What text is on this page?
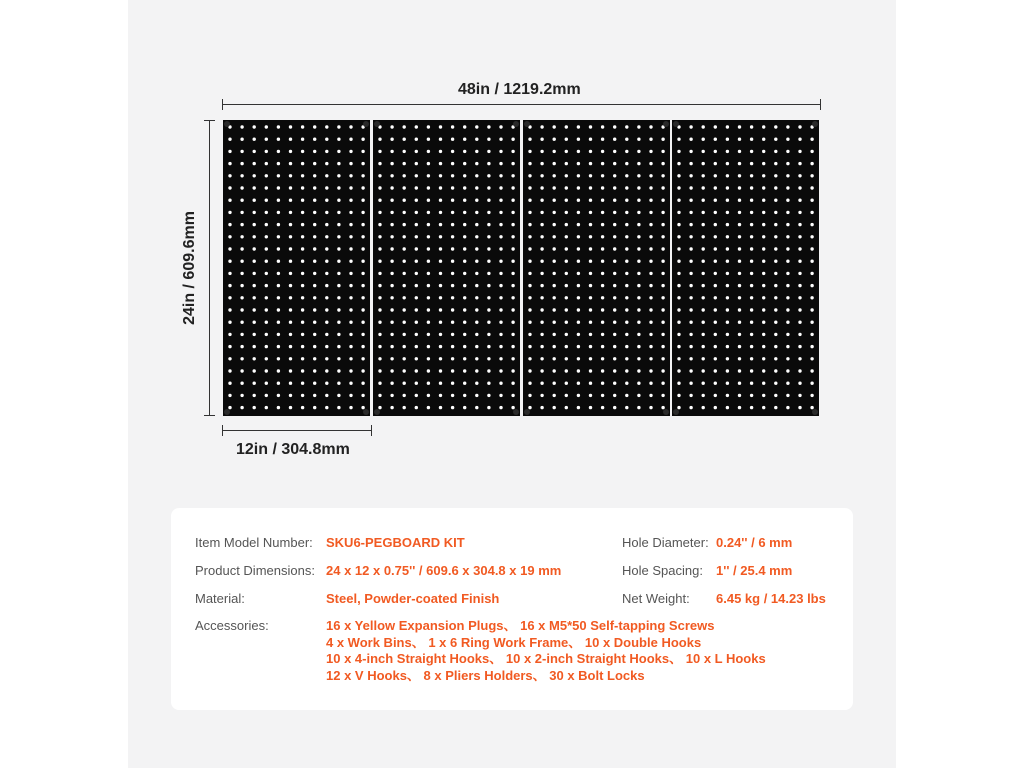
48in / 1219.2mm
24in / 609.6mm
12in / 304.8mm
Item Model Number: SKU6-PEGBOARD KIT
Product Dimensions: 24 x 12 x 0.75'' / 609.6 x 304.8 x 19 mm
Material:	Steel, Powder-coated Finish
Accessories:	16 x Yellow Expansion Plugs、 16 x M5*50 Self-tapping Screws
4 x Work Bins、 1 x 6 Ring Work Frame、 10 x Double Hooks
10 x 4-inch Straight Hooks、 10 x 2-inch Straight Hooks、 10 x L Hooks
12 x V Hooks、 8 x Pliers Holders、 30 x Bolt Locks
Hole Diameter: 0.24'' / 6 mm
Hole Spacing: 1'' / 25.4 mm
Net Weight: 6.45 kg / 14.23 lbs
